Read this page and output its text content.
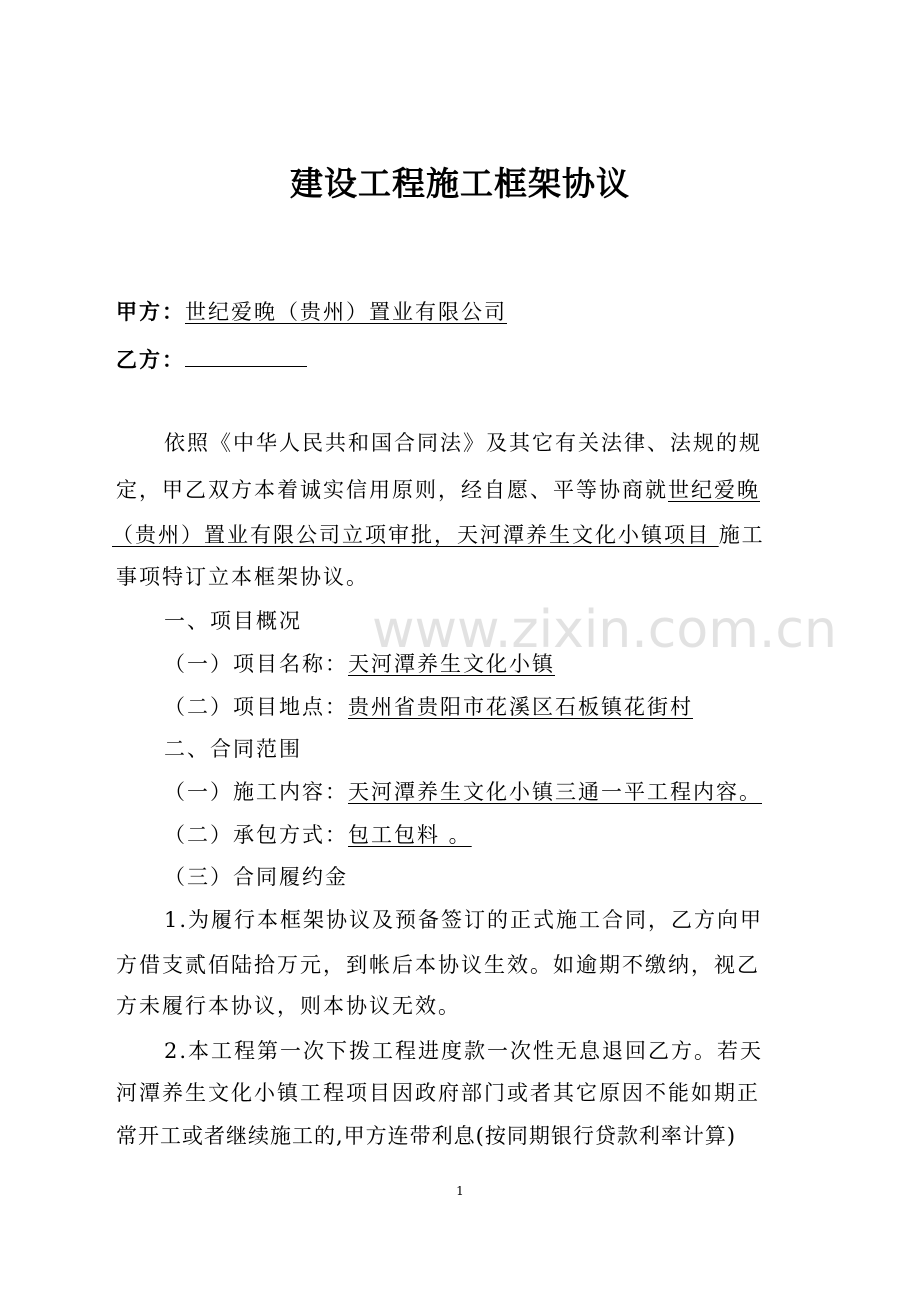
建设工程施工框架协议
甲方：世纪爱晚（贵州）置业有限公司
乙方：
依照《中华人民共和国合同法》及其它有关法律、法规的规
定，甲乙双方本着诚实信用原则，经自愿、平等协商就世纪爱晚
（贵州）置业有限公司立项审批，天河潭养生文化小镇项目 施工
事项特订立本框架协议。
www.zixin.com.cn
一、项目概况
（一）项目名称：天河潭养生文化小镇
（二）项目地点：贵州省贵阳市花溪区石板镇花街村
二、合同范围
（一）施工内容：天河潭养生文化小镇三通一平工程内容。
（二）承包方式：包工包料 。
（三）合同履约金
1.为履行本框架协议及预备签订的正式施工合同，乙方向甲
方借支贰佰陆拾万元，到帐后本协议生效。如逾期不缴纳，视乙
方未履行本协议，则本协议无效。
2.本工程第一次下拨工程进度款一次性无息退回乙方。若天
河潭养生文化小镇工程项目因政府部门或者其它原因不能如期正
常开工或者继续施工的,甲方连带利息(按同期银行贷款利率计算)
1
